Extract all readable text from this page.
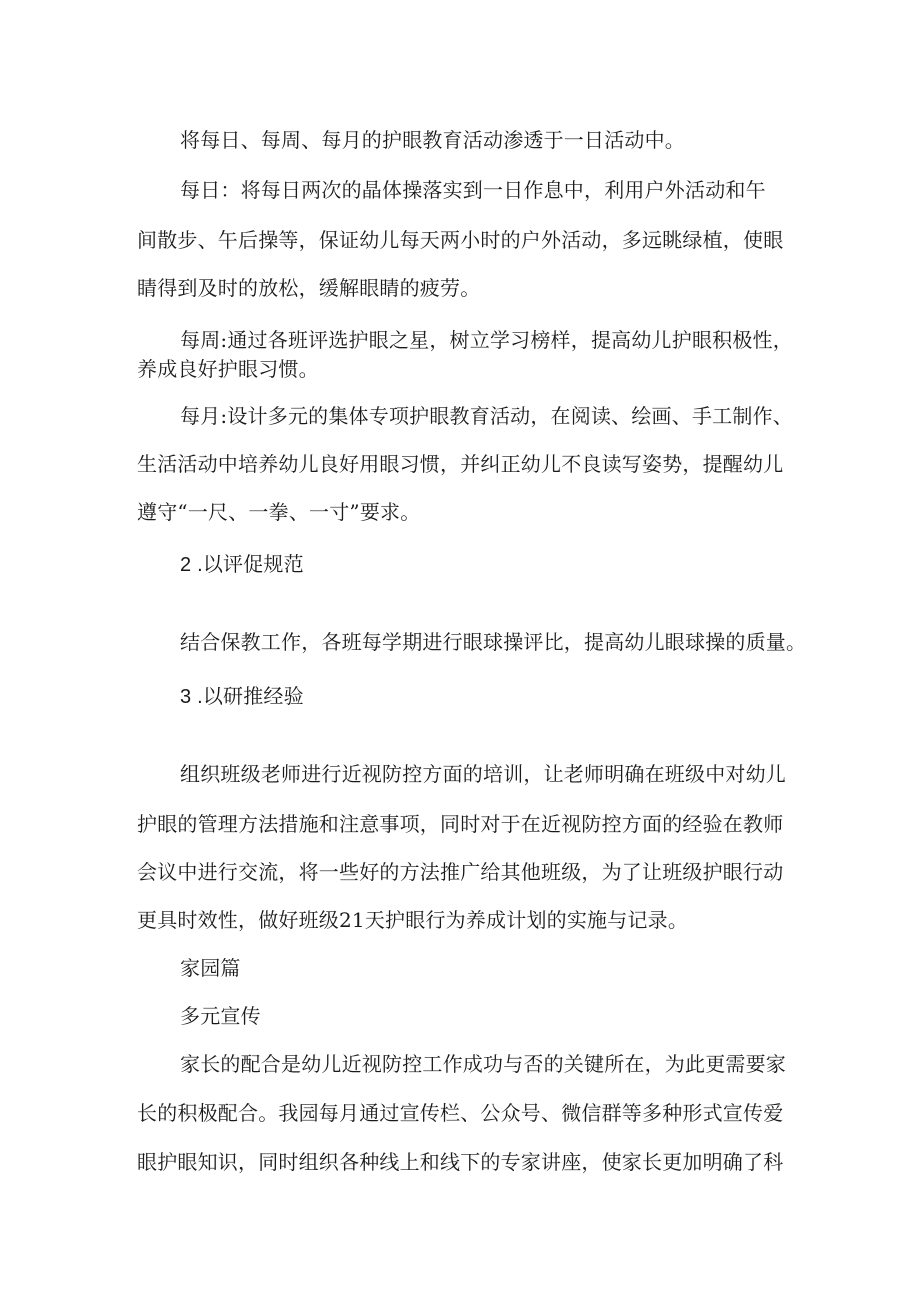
将每日、每周、每月的护眼教育活动渗透于一日活动中。
每日：将每日两次的晶体操落实到一日作息中，利用户外活动和午
间散步、午后操等，保证幼儿每天两小时的户外活动，多远眺绿植，使眼
睛得到及时的放松，缓解眼睛的疲劳。
每周:通过各班评选护眼之星，树立学习榜样，提高幼儿护眼积极性，
养成良好护眼习惯。
每月:设计多元的集体专项护眼教育活动，在阅读、绘画、手工制作、
生活活动中培养幼儿良好用眼习惯，并纠正幼儿不良读写姿势，提醒幼儿
遵守“一尺、一拳、一寸”要求。
2 .以评促规范
结合保教工作，各班每学期进行眼球操评比，提高幼儿眼球操的质量。
3 .以研推经验
组织班级老师进行近视防控方面的培训，让老师明确在班级中对幼儿
护眼的管理方法措施和注意事项，同时对于在近视防控方面的经验在教师
会议中进行交流，将一些好的方法推广给其他班级，为了让班级护眼行动
更具时效性，做好班级21天护眼行为养成计划的实施与记录。
家园篇
多元宣传
家长的配合是幼儿近视防控工作成功与否的关键所在，为此更需要家
长的积极配合。我园每月通过宣传栏、公众号、微信群等多种形式宣传爱
眼护眼知识，同时组织各种线上和线下的专家讲座，使家长更加明确了科
